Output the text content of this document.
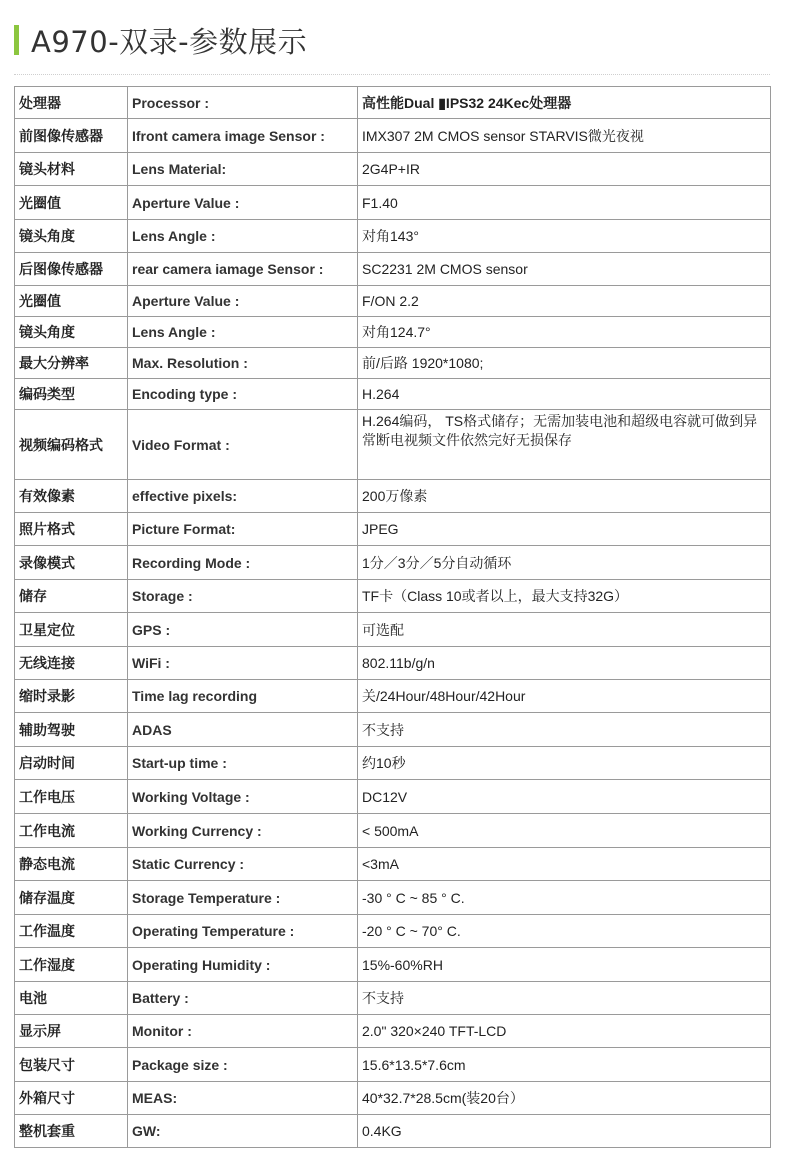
A970-双录-参数展示
处理器	Processor :	高性能Dual ▮IPS32 24Kec处理器
前图像传感器	Ifront camera image Sensor :	IMX307 2M CMOS sensor STARVIS微光夜视
镜头材料	Lens Material:	2G4P+IR
光圈值	Aperture Value :	F1.40
镜头角度	Lens Angle :	对角143°
后图像传感器	rear camera iamage Sensor :	SC2231 2M CMOS sensor
光圈值	Aperture Value :	F/ON 2.2
镜头角度	Lens Angle :	对角124.7°
最大分辨率	Max. Resolution :	前/后路 1920*1080;
编码类型	Encoding type :	H.264
视频编码格式	Video Format :	H.264编码， TS格式储存；无需加装电池和超级电容就可做到异常断电视频文件依然完好无损保存
有效像素	effective pixels:	200万像素
照片格式	Picture Format:	JPEG
录像模式	Recording Mode :	1分／3分／5分自动循环
储存	Storage :	TF卡（Class 10或者以上，最大支持32G）
卫星定位	GPS :	可选配
无线连接	WiFi :	802.11b/g/n
缩时录影	Time lag recording	关/24Hour/48Hour/42Hour
辅助驾驶	ADAS	不支持
启动时间	Start-up time :	约10秒
工作电压	Working Voltage :	DC12V
工作电流	Working Currency :	< 500mA
静态电流	Static Currency :	<3mA
储存温度	Storage Temperature :	-30 ° C ~ 85 ° C.
工作温度	Operating Temperature :	-20 ° C ~ 70° C.
工作湿度	Operating Humidity :	15%-60%RH
电池	Battery :	不支持
显示屏	Monitor :	2.0" 320×240 TFT-LCD
包装尺寸	Package size :	15.6*13.5*7.6cm
外箱尺寸	MEAS:	40*32.7*28.5cm(装20台）
整机套重	GW:	0.4KG
